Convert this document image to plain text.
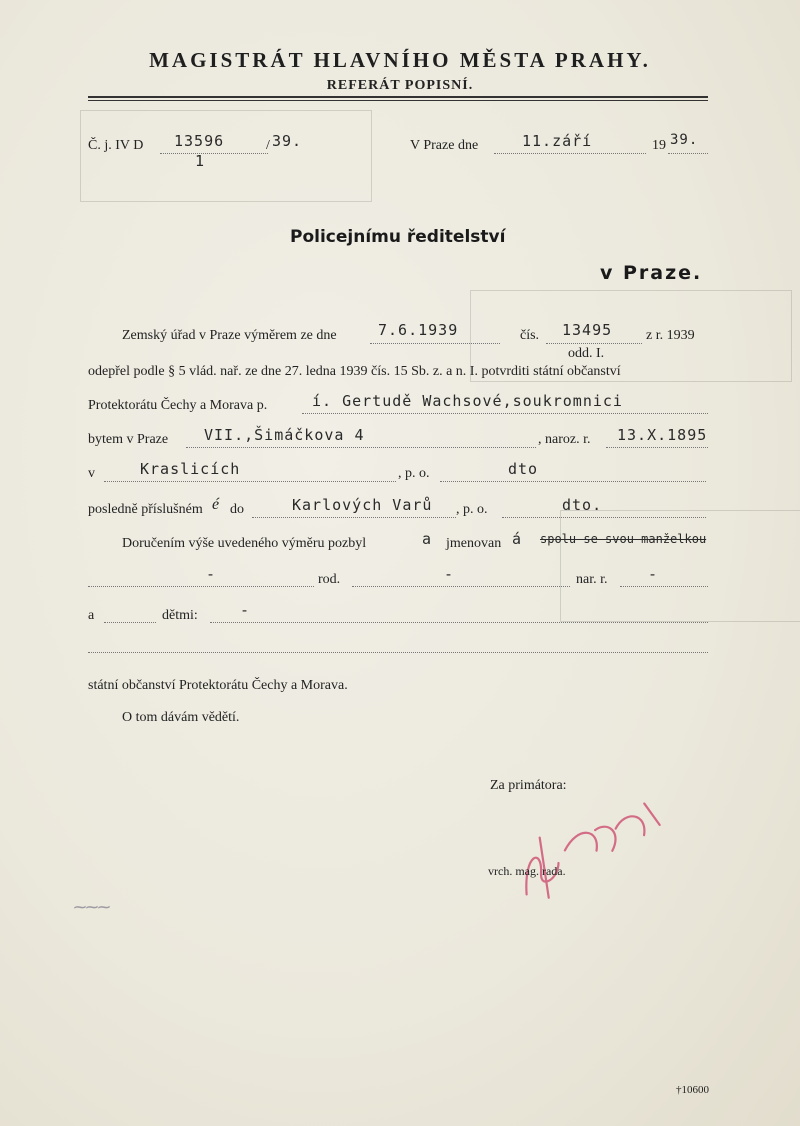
MAGISTRÁT HLAVNÍHO MĚSTA PRAHY.
REFERÁT POPISNÍ.
Č. j. IV D 13596	/ 39.
1
V Praze dne	11.září	19 39.
Policejnímu ředitelství
v Praze.
Zemský úřad v Praze výměrem ze dne	7.6.1939	čís. 13495 z r. 1939
odd. I.
odepřel podle § 5 vlád. nař. ze dne 27. ledna 1939 čís. 15 Sb. z. a n. I. potvrditi státní občanství
Protektorátu Čechy a Morava p.	í. Gertudě Wachsové,soukromnici
bytem v Praze VII.,Šimáčkova 4	, naroz. r. 13.X.1895
v	Kraslicích	, p. o.	dto
posledně příslušném é do	Karlových Varů , p. o.	dto.
Doručením výše uvedeného výměru pozbyl	a jmenovan á spolu se svou manželkou
-	rod.	-	nar. r.	-
a	dětmi:	-
státní občanství Protektorátu Čechy a Morava.
O tom dávám vědětí.
Za primátora:
vrch. mag. rada.
⁓⁓⁓
†10600
